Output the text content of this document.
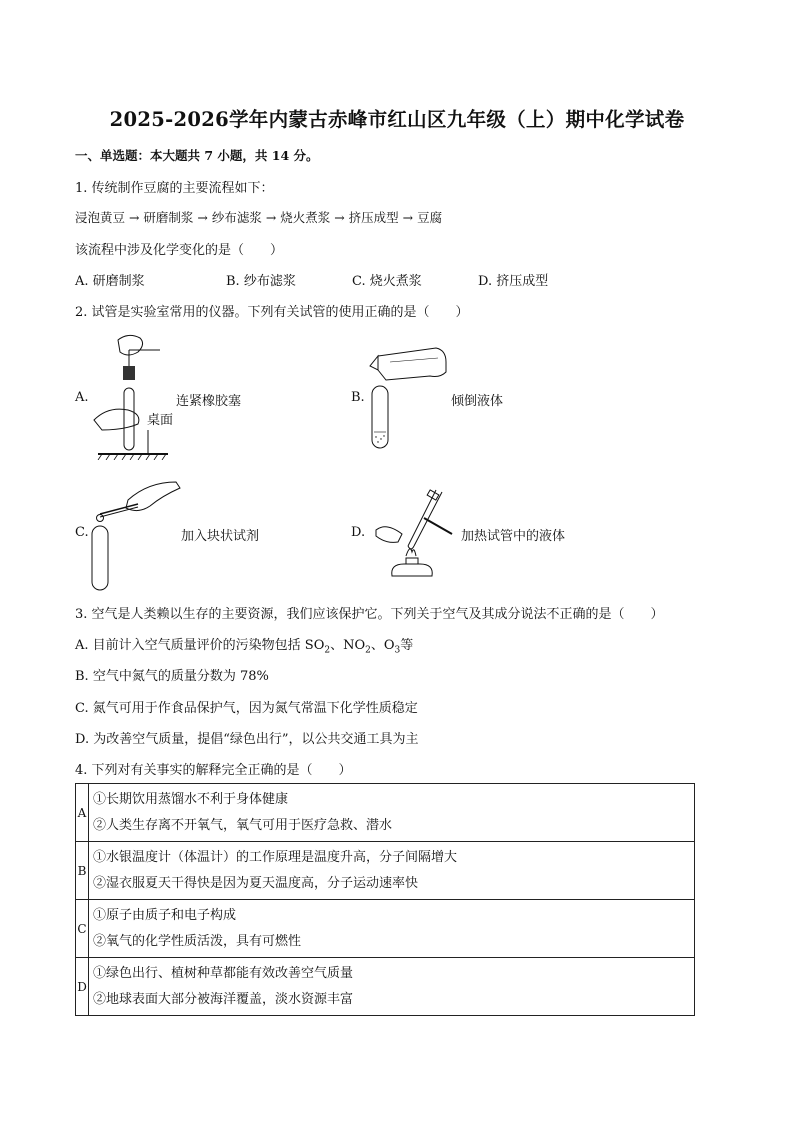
2025-2026学年内蒙古赤峰市红山区九年级（上）期中化学试卷
一、单选题：本大题共 7 小题，共 14 分。
1. 传统制作豆腐的主要流程如下：
浸泡黄豆 → 研磨制浆 → 纱布滤浆 → 烧火煮浆 → 挤压成型 → 豆腐
该流程中涉及化学变化的是（　　）
A. 研磨制浆	B. 纱布滤浆	C. 烧火煮浆	D. 挤压成型
2. 试管是实验室常用的仪器。下列有关试管的使用正确的是（　　）
A.	连紧橡胶塞
桌面
B.	倾倒液体
C.	加入块状试剂	D.	加热试管中的液体
3. 空气是人类赖以生存的主要资源，我们应该保护它。下列关于空气及其成分说法不正确的是（　　）
A. 目前计入空气质量评价的污染物包括 $SO_2$、$NO_2$、$O_3$等
B. 空气中氮气的质量分数为 78%
C. 氮气可用于作食品保护气，因为氮气常温下化学性质稳定
D. 为改善空气质量，提倡“绿色出行”，以公共交通工具为主
4. 下列对有关事实的解释完全正确的是（　　）
A	①长期饮用蒸馏水不利于身体健康
②人类生存离不开氧气，氧气可用于医疗急救、潜水

B	①水银温度计（体温计）的工作原理是温度升高，分子间隔增大
②湿衣服夏天干得快是因为夏天温度高，分子运动速率快

C	①原子由质子和电子构成
②氧气的化学性质活泼，具有可燃性

D	①绿色出行、植树种草都能有效改善空气质量
②地球表面大部分被海洋覆盖，淡水资源丰富
